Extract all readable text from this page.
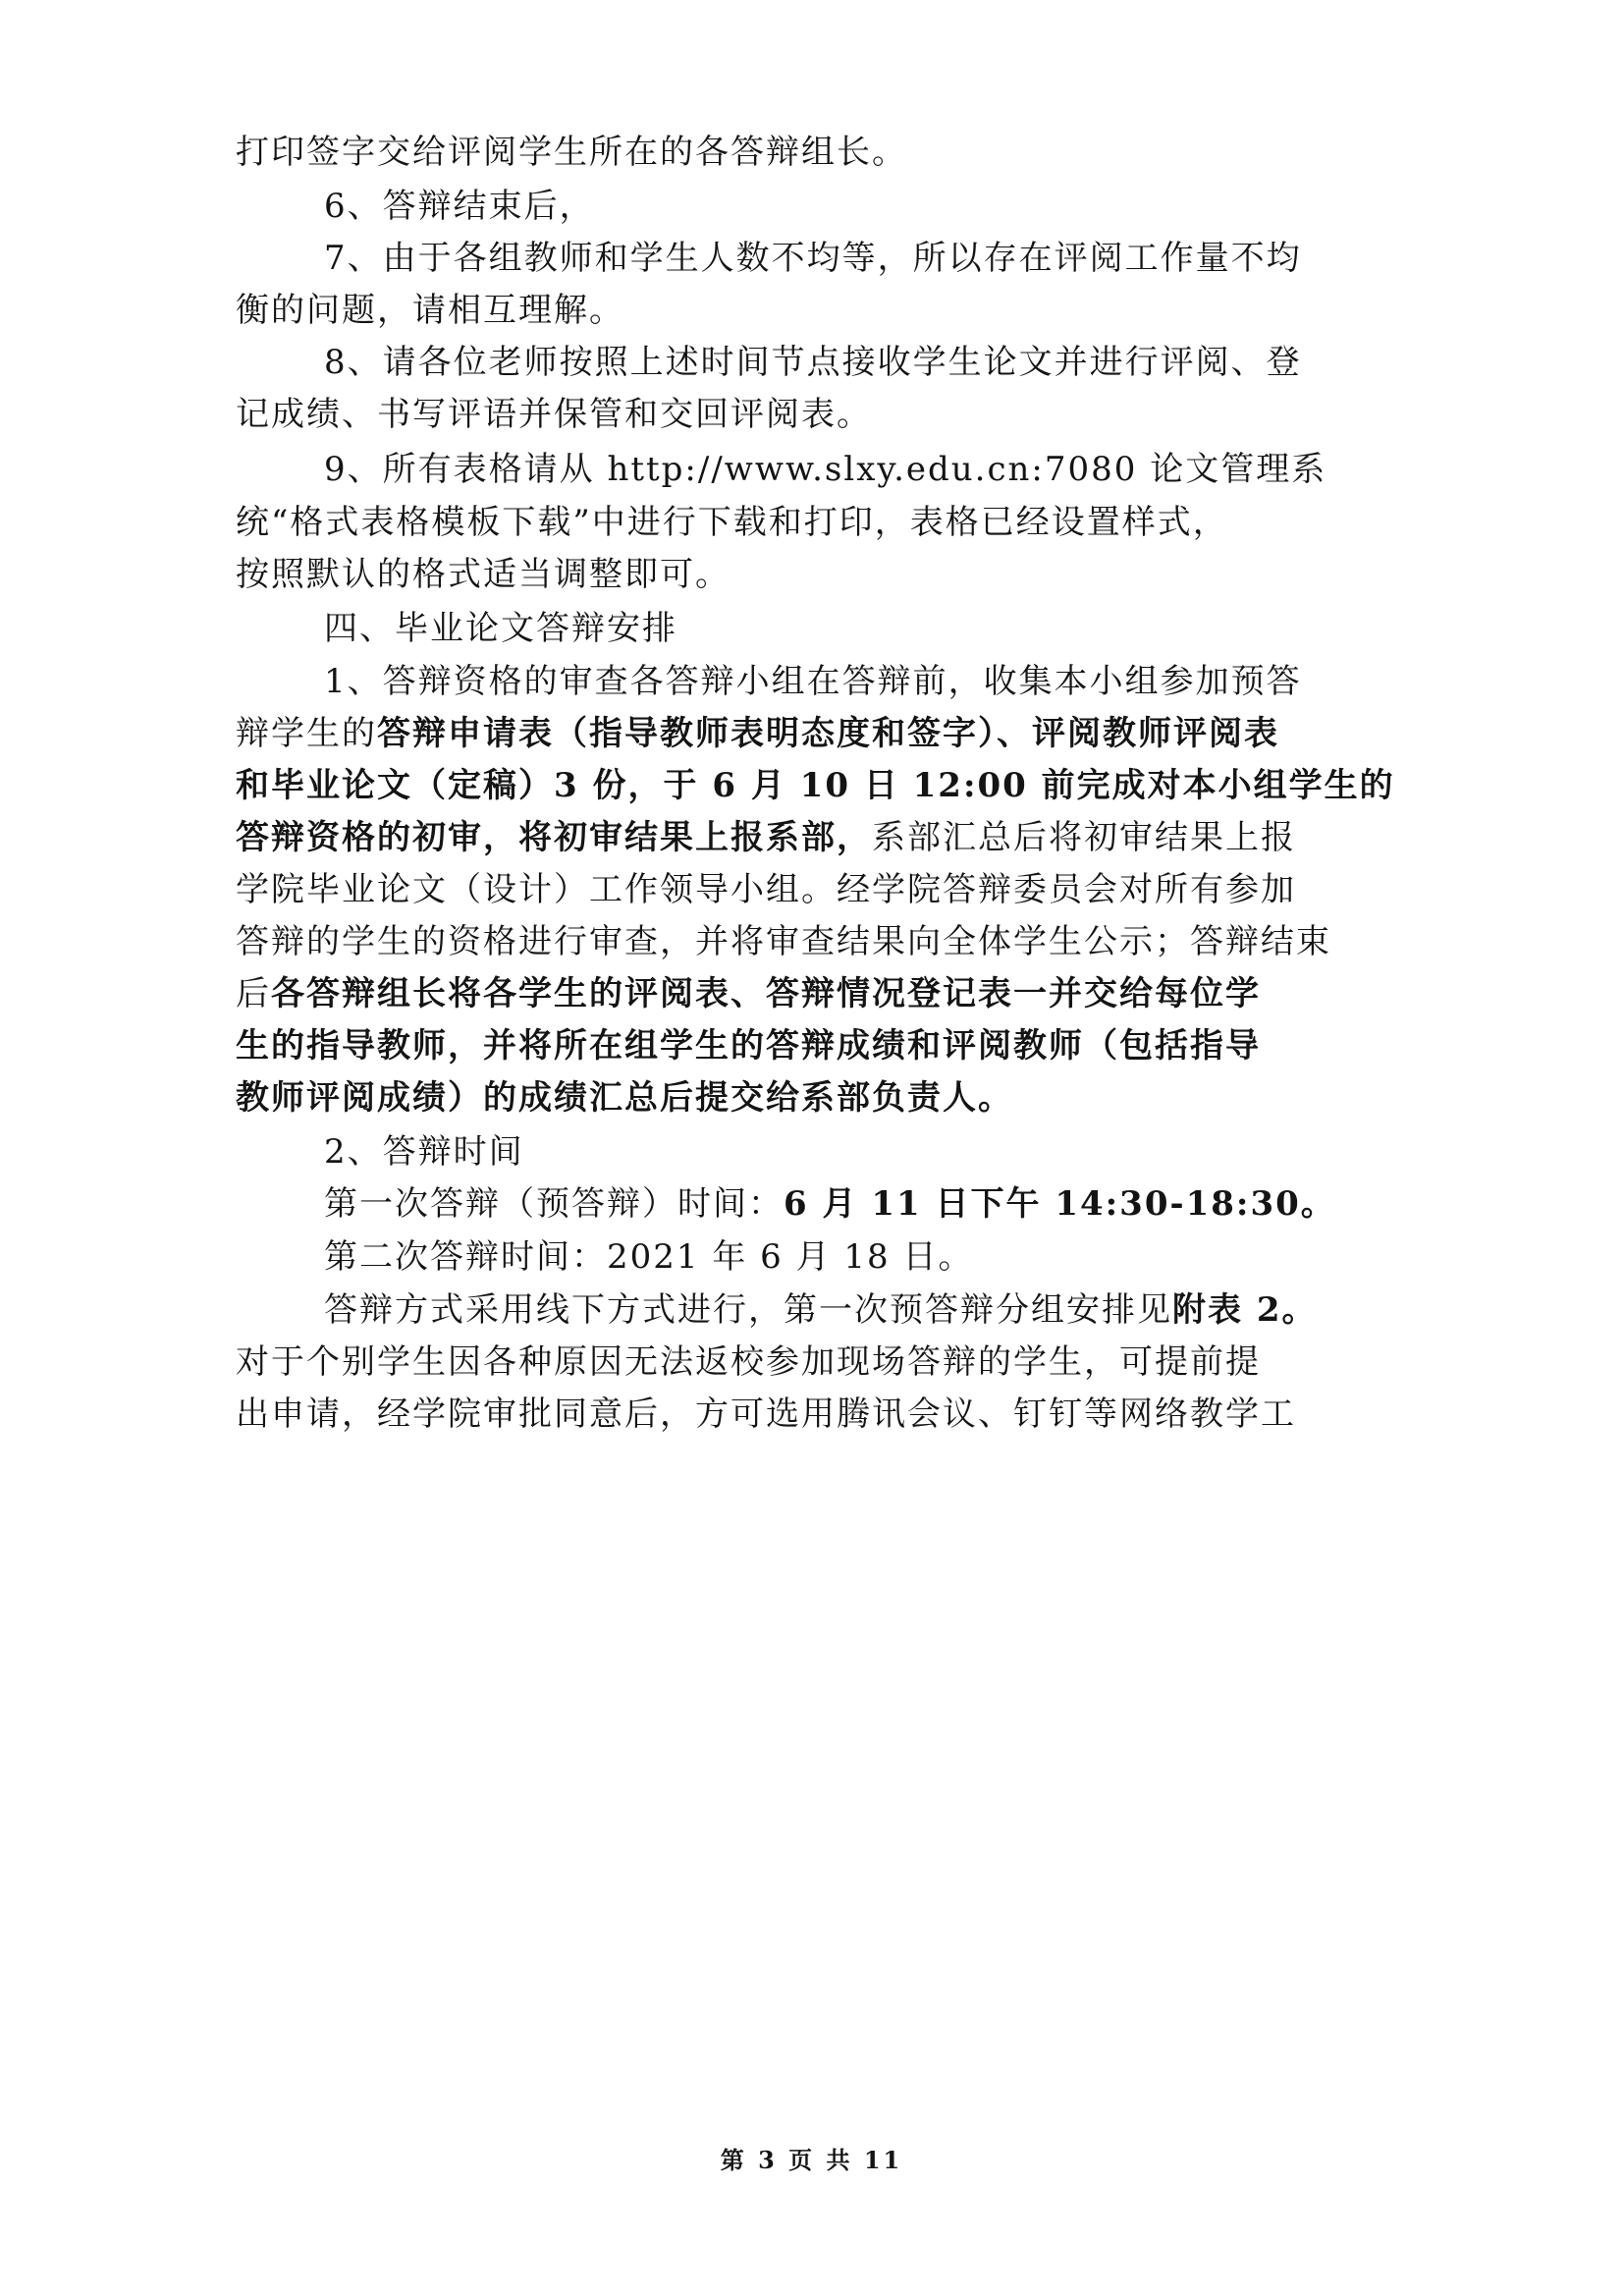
打印签字交给评阅学生所在的各答辩组长。
6、答辩结束后，
7、由于各组教师和学生人数不均等，所以存在评阅工作量不均
衡的问题，请相互理解。
8、请各位老师按照上述时间节点接收学生论文并进行评阅、登
记成绩、书写评语并保管和交回评阅表。
9、所有表格请从 http://www.slxy.edu.cn:7080 论文管理系
统“格式表格模板下载”中进行下载和打印，表格已经设置样式，
按照默认的格式适当调整即可。
四、毕业论文答辩安排
1、答辩资格的审查各答辩小组在答辩前，收集本小组参加预答
辩学生的答辩申请表（指导教师表明态度和签字）、评阅教师评阅表
和毕业论文（定稿）3 份，于 6 月 10 日 12:00 前完成对本小组学生的
答辩资格的初审，将初审结果上报系部，系部汇总后将初审结果上报
学院毕业论文（设计）工作领导小组。经学院答辩委员会对所有参加
答辩的学生的资格进行审查，并将审查结果向全体学生公示；答辩结束
后各答辩组长将各学生的评阅表、答辩情况登记表一并交给每位学
生的指导教师，并将所在组学生的答辩成绩和评阅教师（包括指导
教师评阅成绩）的成绩汇总后提交给系部负责人。
2、答辩时间
第一次答辩（预答辩）时间：6 月 11 日下午 14:30-18:30。
第二次答辩时间：2021 年 6 月 18 日。
答辩方式采用线下方式进行，第一次预答辩分组安排见附表 2。
对于个别学生因各种原因无法返校参加现场答辩的学生，可提前提
出申请，经学院审批同意后，方可选用腾讯会议、钉钉等网络教学工
第 3 页 共 11
